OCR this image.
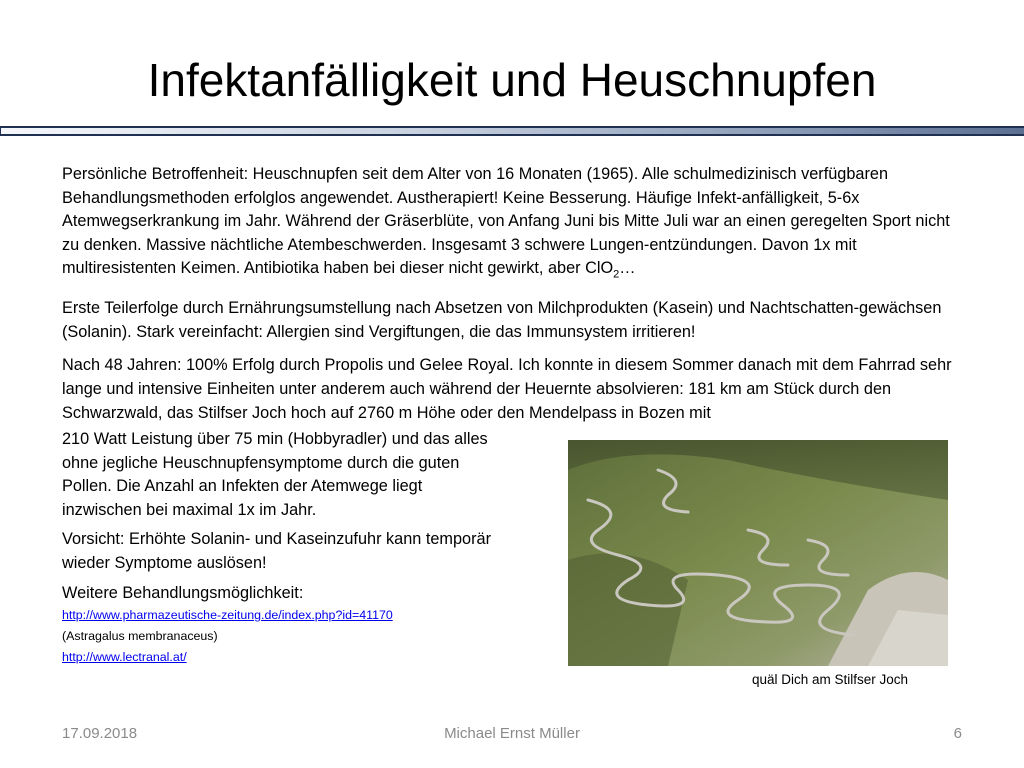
Infektanfälligkeit und Heuschnupfen

Persönliche Betroffenheit: Heuschnupfen seit dem Alter von 16 Monaten (1965). Alle schulmedizinisch verfügbaren Behandlungsmethoden erfolglos angewendet. Austherapiert! Keine Besserung. Häufige Infekt-anfälligkeit, 5-6x Atemwegserkrankung im Jahr. Während der Gräserblüte, von Anfang Juni bis Mitte Juli war an einen geregelten Sport nicht zu denken. Massive nächtliche Atembeschwerden. Insgesamt 3 schwere Lungen-entzündungen. Davon 1x mit multiresistenten Keimen. Antibiotika haben bei dieser nicht gewirkt, aber ClO$_2$…

Erste Teilerfolge durch Ernährungsumstellung nach Absetzen von Milchprodukten (Kasein) und Nachtschatten-gewächsen (Solanin). Stark vereinfacht: Allergien sind Vergiftungen, die das Immunsystem irritieren!

Nach 48 Jahren: 100% Erfolg durch Propolis und Gelee Royal. Ich konnte in diesem Sommer danach mit dem Fahrrad sehr lange und intensive Einheiten unter anderem auch während der Heuernte absolvieren: 181 km am Stück durch den Schwarzwald, das Stilfser Joch hoch auf 2760 m Höhe oder den Mendelpass in Bozen mit

210 Watt Leistung über 75 min (Hobbyradler) und das alles ohne jegliche Heuschnupfensymptome durch die guten Pollen. Die Anzahl an Infekten der Atemwege liegt inzwischen bei maximal 1x im Jahr.

Vorsicht: Erhöhte Solanin- und Kaseinzufuhr kann temporär wieder Symptome auslösen!

Weitere Behandlungsmöglichkeit:

http://www.pharmazeutische-zeitung.de/index.php?id=41170
(Astragalus membranaceus)
http://www.lectranal.at/
quäl Dich am Stilfser Joch
17.09.2018	Michael Ernst Müller	6
